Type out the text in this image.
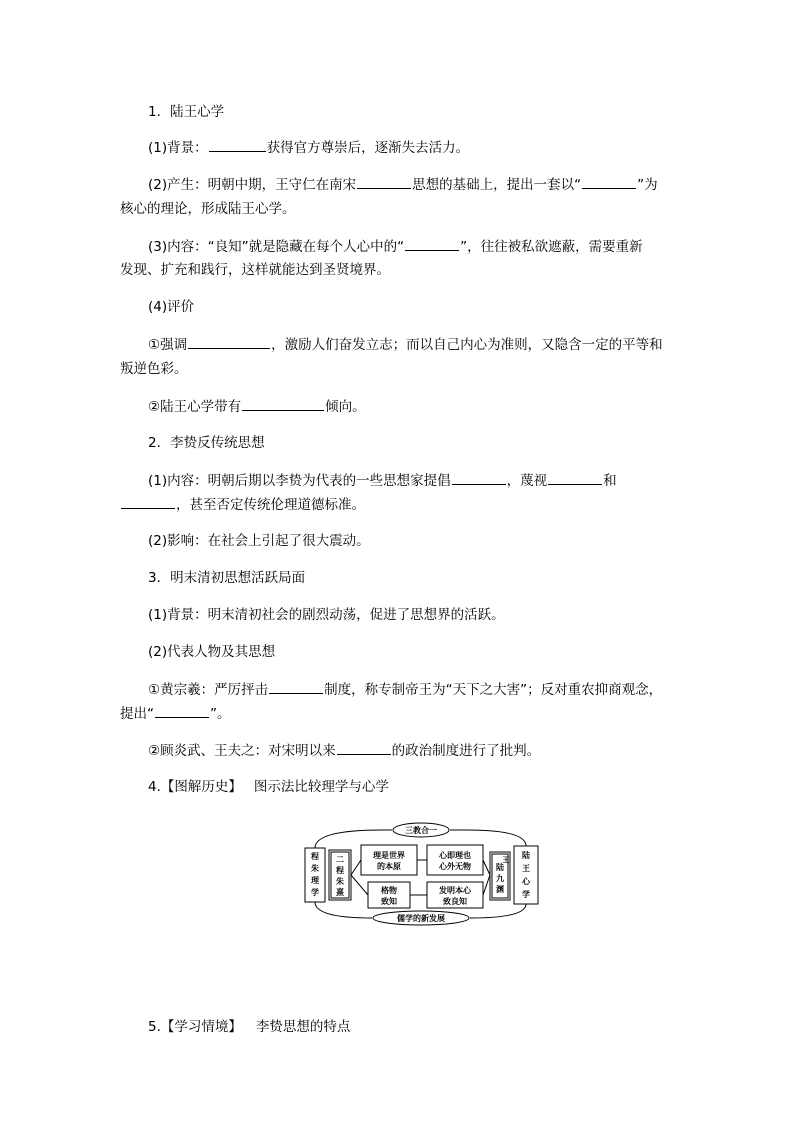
1．陆王心学
(1)背景：	获得官方尊崇后，逐渐失去活力。
(2)产生：明朝中期，王守仁在南宋	思想的基础上，提出一套以“	”为
核心的理论，形成陆王心学。
(3)内容：“良知”就是隐藏在每个人心中的“	”，往往被私欲遮蔽，需要重新
发现、扩充和践行，这样就能达到圣贤境界。
(4)评价
①强调	，激励人们奋发立志；而以自己内心为准则，又隐含一定的平等和
叛逆色彩。
②陆王心学带有	倾向。
2．李贽反传统思想
(1)内容：明朝后期以李贽为代表的一些思想家提倡	，蔑视	和
，甚至否定传统伦理道德标准。
(2)影响：在社会上引起了很大震动。
3．明末清初思想活跃局面
(1)背景：明末清初社会的剧烈动荡，促进了思想界的活跃。
(2)代表人物及其思想
①黄宗羲：严厉抨击	制度，称专制帝王为“天下之大害”；反对重农抑商观念，
提出“	”。
②顾炎武、王夫之：对宋明以来	的政治制度进行了批判。
4.【图解历史】 图示法比较理学与心学
三教合一
儒学的新发展
程
朱
理
学
二
程
朱
熹
理是世界
的本原
心即理也
心外无物
格物
致知
发明本心
致良知
陆
九
渊
王 陆
王
心
学
5.【学习情境】 李贽思想的特点
